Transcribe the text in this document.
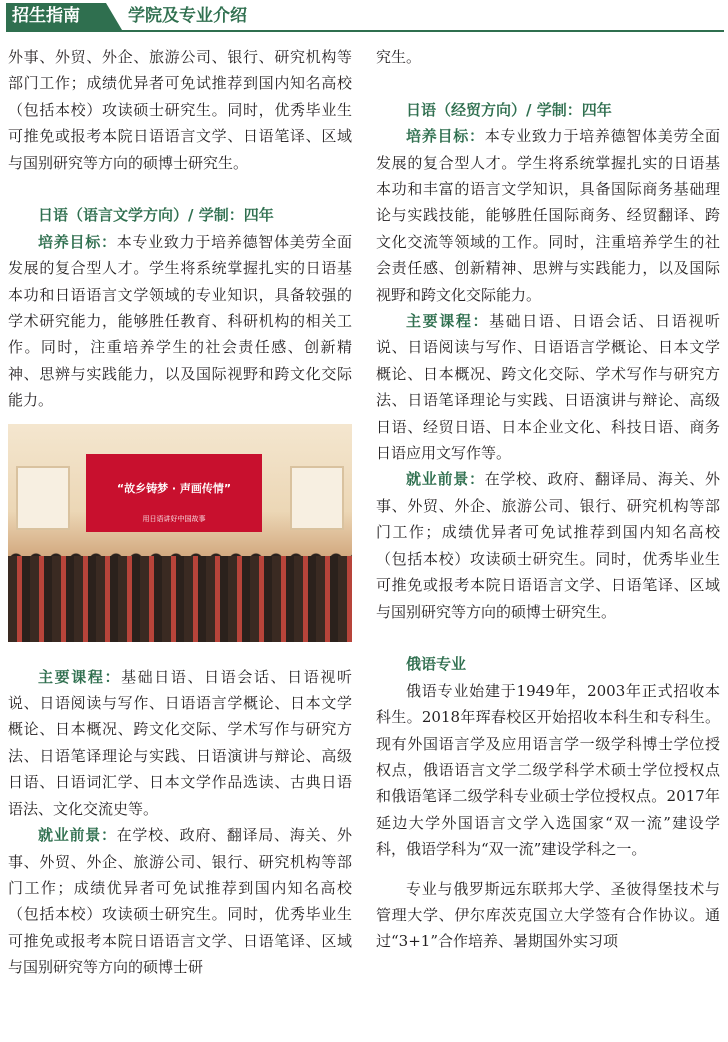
招生指南	学院及专业介绍

外事、外贸、外企、旅游公司、银行、研究机构等部门工作；成绩优异者可免试推荐到国内知名高校（包括本校）攻读硕士研究生。同时，优秀毕业生可推免或报考本院日语语言文学、日语笔译、区域与国别研究等方向的硕博士研究生。

日语（语言文学方向）/ 学制：四年

培养目标：本专业致力于培养德智体美劳全面发展的复合型人才。学生将系统掌握扎实的日语基本功和日语语言文学领域的专业知识，具备较强的学术研究能力，能够胜任教育、科研机构的相关工作。同时，注重培养学生的社会责任感、创新精神、思辨与实践能力，以及国际视野和跨文化交际能力。

“故乡铸梦 · 声画传情”
用日语讲好中国故事

主要课程：基础日语、日语会话、日语视听说、日语阅读与写作、日语语言学概论、日本文学概论、日本概况、跨文化交际、学术写作与研究方法、日语笔译理论与实践、日语演讲与辩论、高级日语、日语词汇学、日本文学作品选读、古典日语语法、文化交流史等。

就业前景：在学校、政府、翻译局、海关、外事、外贸、外企、旅游公司、银行、研究机构等部门工作；成绩优异者可免试推荐到国内知名高校（包括本校）攻读硕士研究生。同时，优秀毕业生可推免或报考本院日语语言文学、日语笔译、区域与国别研究等方向的硕博士研

究生。

日语（经贸方向）/ 学制：四年

培养目标：本专业致力于培养德智体美劳全面发展的复合型人才。学生将系统掌握扎实的日语基本功和丰富的语言文学知识，具备国际商务基础理论与实践技能，能够胜任国际商务、经贸翻译、跨文化交流等领域的工作。同时，注重培养学生的社会责任感、创新精神、思辨与实践能力，以及国际视野和跨文化交际能力。

主要课程：基础日语、日语会话、日语视听说、日语阅读与写作、日语语言学概论、日本文学概论、日本概况、跨文化交际、学术写作与研究方法、日语笔译理论与实践、日语演讲与辩论、高级日语、经贸日语、日本企业文化、科技日语、商务日语应用文写作等。

就业前景：在学校、政府、翻译局、海关、外事、外贸、外企、旅游公司、银行、研究机构等部门工作；成绩优异者可免试推荐到国内知名高校（包括本校）攻读硕士研究生。同时，优秀毕业生可推免或报考本院日语语言文学、日语笔译、区域与国别研究等方向的硕博士研究生。

俄语专业

俄语专业始建于1949年，2003年正式招收本科生。2018年珲春校区开始招收本科生和专科生。现有外国语言学及应用语言学一级学科博士学位授权点，俄语语言文学二级学科学术硕士学位授权点和俄语笔译二级学科专业硕士学位授权点。2017年延边大学外国语言文学入选国家“双一流”建设学科，俄语学科为“双一流”建设学科之一。

专业与俄罗斯远东联邦大学、圣彼得堡技术与管理大学、伊尔库茨克国立大学签有合作协议。通过“3+1”合作培养、暑期国外实习项
